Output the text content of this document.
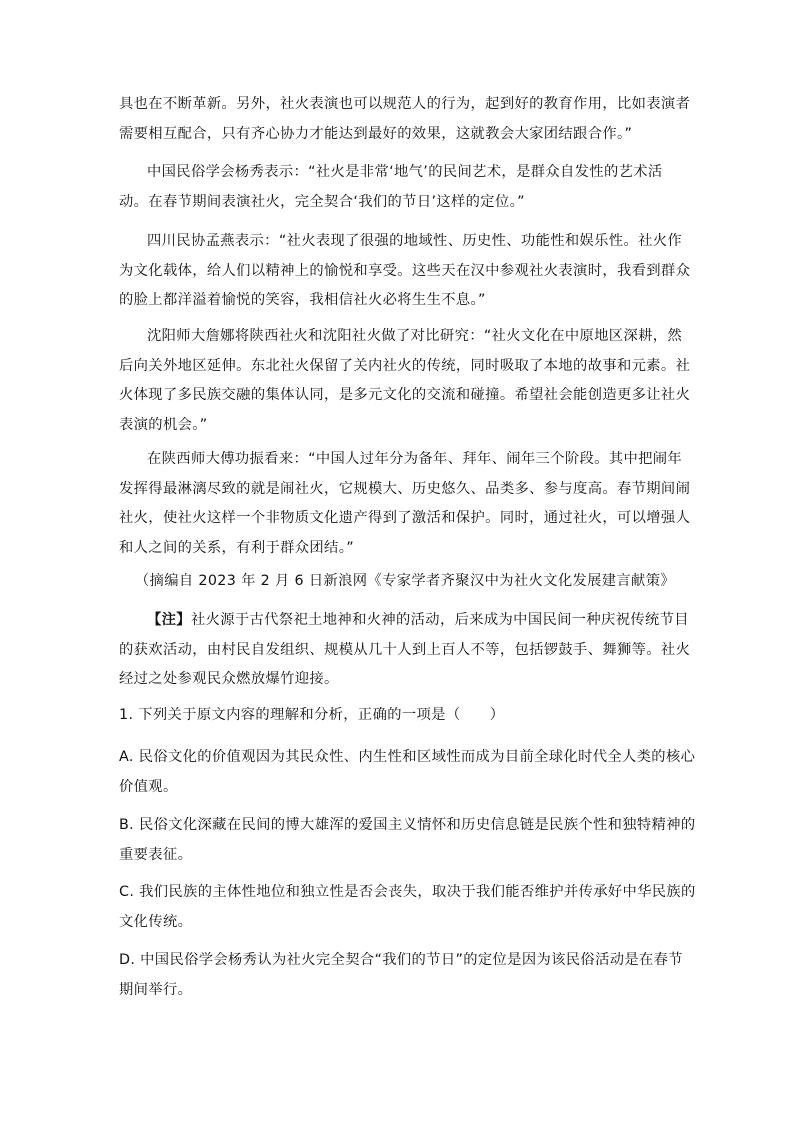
具也在不断革新。另外，社火表演也可以规范人的行为，起到好的教育作用，比如表演者
需要相互配合，只有齐心协力才能达到最好的效果，这就教会大家团结跟合作。”
中国民俗学会杨秀表示：“社火是非常‘地气’的民间艺术，是群众自发性的艺术活
动。在春节期间表演社火，完全契合‘我们的节日’这样的定位。”
四川民协孟燕表示：“社火表现了很强的地域性、历史性、功能性和娱乐性。社火作
为文化载体，给人们以精神上的愉悦和享受。这些天在汉中参观社火表演时，我看到群众
的脸上都洋溢着愉悦的笑容，我相信社火必将生生不息。”
沈阳师大詹娜将陕西社火和沈阳社火做了对比研究：“社火文化在中原地区深耕，然
后向关外地区延伸。东北社火保留了关内社火的传统，同时吸取了本地的故事和元素。社
火体现了多民族交融的集体认同，是多元文化的交流和碰撞。希望社会能创造更多让社火
表演的机会。”
在陕西师大傅功振看来：“中国人过年分为备年、拜年、闹年三个阶段。其中把闹年
发挥得最淋漓尽致的就是闹社火，它规模大、历史悠久、品类多、参与度高。春节期间闹
社火，使社火这样一个非物质文化遗产得到了激活和保护。同时，通过社火，可以增强人
和人之间的关系，有利于群众团结。”
（摘编自 2023 年 2 月 6 日新浪网《专家学者齐聚汉中为社火文化发展建言献策》
【注】社火源于古代祭祀土地神和火神的活动，后来成为中国民间一种庆祝传统节目
的获欢活动，由村民自发组织、规模从几十人到上百人不等，包括锣鼓手、舞狮等。社火
经过之处参观民众燃放爆竹迎接。
1. 下列关于原文内容的理解和分析，正确的一项是（　　）
A. 民俗文化的价值观因为其民众性、内生性和区域性而成为目前全球化时代全人类的核心
价值观。
B. 民俗文化深藏在民间的博大雄浑的爱国主义情怀和历史信息链是民族个性和独特精神的
重要表征。
C. 我们民族的主体性地位和独立性是否会丧失，取决于我们能否维护并传承好中华民族的
文化传统。
D. 中国民俗学会杨秀认为社火完全契合“我们的节日”的定位是因为该民俗活动是在春节
期间举行。
